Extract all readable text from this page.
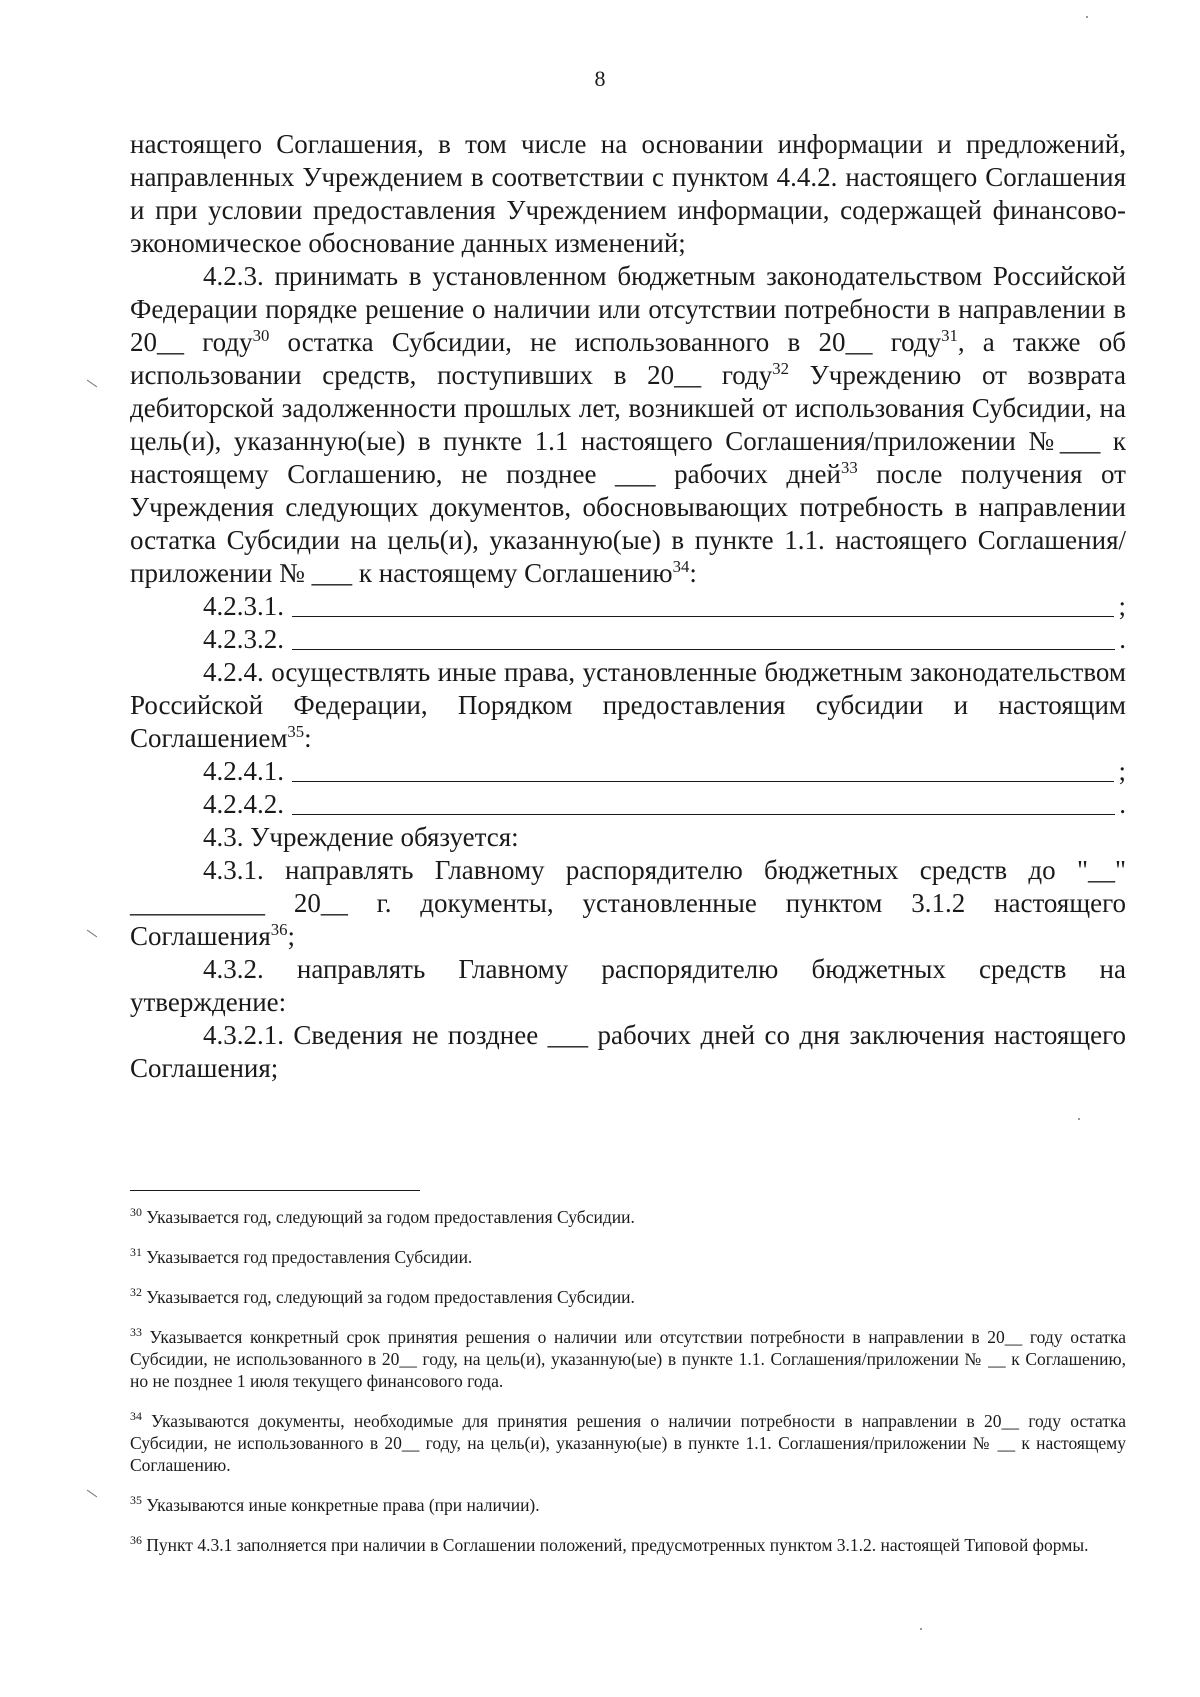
8

настоящего Соглашения, в том числе на основании информации и предложений, направленных Учреждением в соответствии с пунктом 4.4.2. настоящего Соглашения и при условии предоставления Учреждением информации, содержащей финансово-экономическое обоснование данных изменений;

4.2.3. принимать в установленном бюджетным законодательством Российской Федерации порядке решение о наличии или отсутствии потребности в направлении в 20__ году$^{30}$ остатка Субсидии, не использованного в 20__ году$^{31}$, а также об использовании средств, поступивших в 20__ году$^{32}$ Учреждению от возврата дебиторской задолженности прошлых лет, возникшей от использования Субсидии, на цель(и), указанную(ые) в пункте 1.1 настоящего Соглашения/приложении №___ к настоящему Соглашению, не позднее ___ рабочих дней$^{33}$ после получения от Учреждения следующих документов, обосновывающих потребность в направлении остатка Субсидии на цель(и), указанную(ые) в пункте 1.1. настоящего Соглашения/приложении № ___ к настоящему Соглашению$^{34}$:

4.2.3.1.	;
4.2.3.2.	.

4.2.4. осуществлять иные права, установленные бюджетным законодательством Российской Федерации, Порядком предоставления субсидии и настоящим Соглашением$^{35}$:

4.2.4.1.	;
4.2.4.2.	.

4.3. Учреждение обязуется:

4.3.1. направлять Главному распорядителю бюджетных средств до "__" __________ 20__ г. документы, установленные пунктом 3.1.2 настоящего Соглашения$^{36}$;

4.3.2. направлять Главному распорядителю бюджетных средств на утверждение:

4.3.2.1. Сведения не позднее ___ рабочих дней со дня заключения настоящего Соглашения;

$^{30}$ Указывается год, следующий за годом предоставления Субсидии.

$^{31}$ Указывается год предоставления Субсидии.

$^{32}$ Указывается год, следующий за годом предоставления Субсидии.

$^{33}$ Указывается конкретный срок принятия решения о наличии или отсутствии потребности в направлении в 20__ году остатка Субсидии, не использованного в 20__ году, на цель(и), указанную(ые) в пункте 1.1. Соглашения/приложении № __ к Соглашению, но не позднее 1 июля текущего финансового года.

$^{34}$ Указываются документы, необходимые для принятия решения о наличии потребности в направлении в 20__ году остатка Субсидии, не использованного в 20__ году, на цель(и), указанную(ые) в пункте 1.1. Соглашения/приложении № __ к настоящему Соглашению.

$^{35}$ Указываются иные конкретные права (при наличии).

$^{36}$ Пункт 4.3.1 заполняется при наличии в Соглашении положений, предусмотренных пунктом 3.1.2. настоящей Типовой формы.
